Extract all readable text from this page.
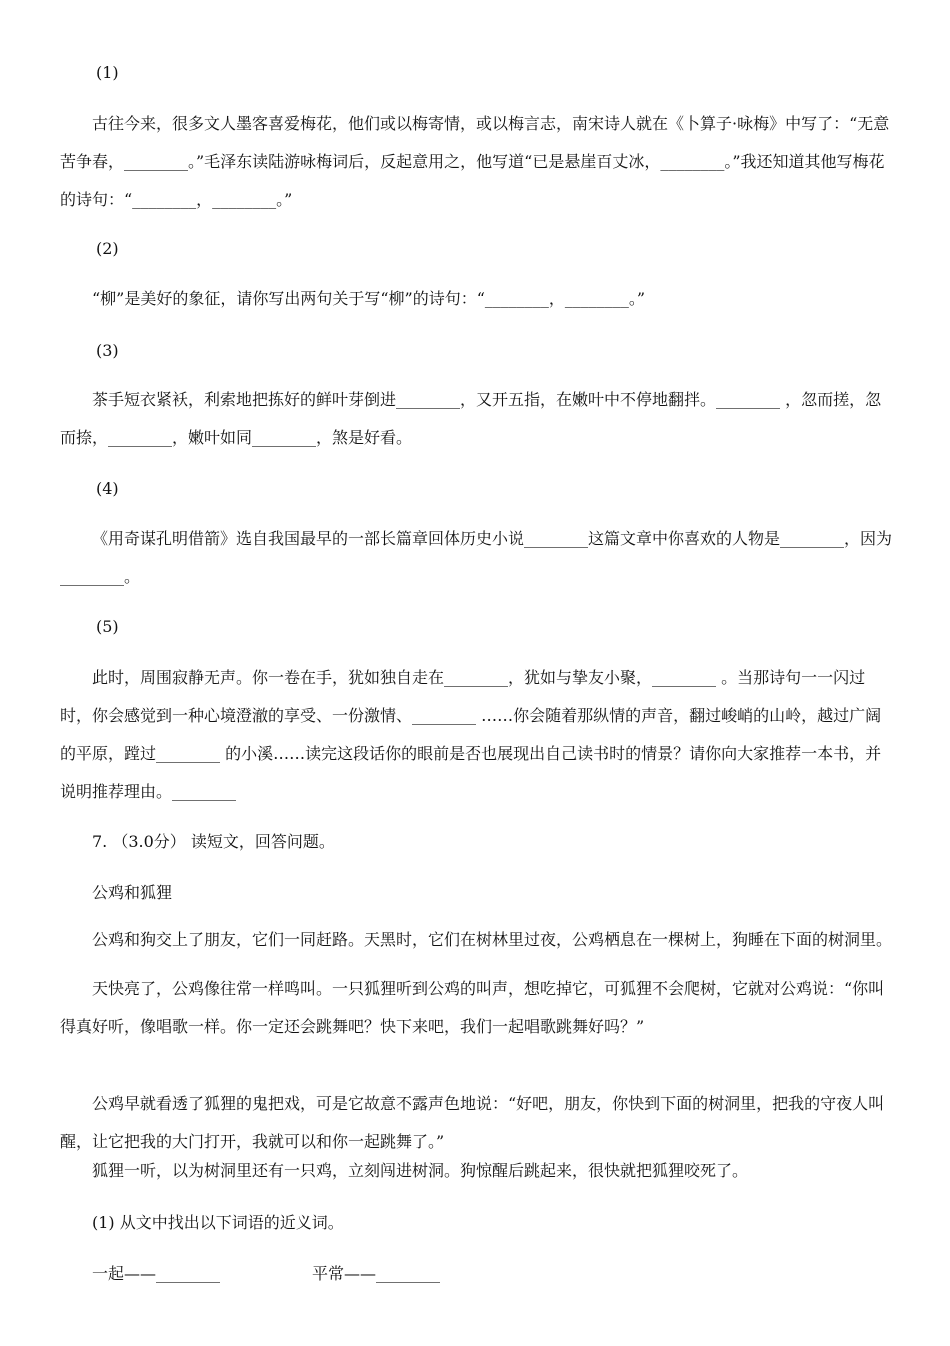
(1)
古往今来，很多文人墨客喜爱梅花，他们或以梅寄情，或以梅言志，南宋诗人就在《卜算子·咏梅》中写了：“无意苦争春，________。”毛泽东读陆游咏梅词后，反起意用之，他写道“已是悬崖百丈冰，________。”我还知道其他写梅花的诗句：“________，________。”
(2)
“柳”是美好的象征，请你写出两句关于写“柳”的诗句：“________，________。”
(3)
茶手短衣紧袄，利索地把拣好的鲜叶芽倒进________，又开五指，在嫩叶中不停地翻拌。________ ，忽而搓，忽而捺，________，嫩叶如同________，煞是好看。
(4)
《用奇谋孔明借箭》选自我国最早的一部长篇章回体历史小说________这篇文章中你喜欢的人物是________，因为________。
(5)
此时，周围寂静无声。你一卷在手，犹如独自走在________，犹如与挚友小聚，________ 。当那诗句一一闪过时，你会感觉到一种心境澄澈的享受、一份激情、________ ……你会随着那纵情的声音，翻过峻峭的山岭，越过广阔的平原，蹚过________ 的小溪……读完这段话你的眼前是否也展现出自己读书时的情景？请你向大家推荐一本书，并说明推荐理由。________
7. （3.0分） 读短文，回答问题。
公鸡和狐狸
公鸡和狗交上了朋友，它们一同赶路。天黑时，它们在树林里过夜，公鸡栖息在一棵树上，狗睡在下面的树洞里。
天快亮了，公鸡像往常一样鸣叫。一只狐狸听到公鸡的叫声，想吃掉它，可狐狸不会爬树，它就对公鸡说：“你叫得真好听，像唱歌一样。你一定还会跳舞吧？快下来吧，我们一起唱歌跳舞好吗？”
公鸡早就看透了狐狸的鬼把戏，可是它故意不露声色地说：“好吧，朋友，你快到下面的树洞里，把我的守夜人叫醒，让它把我的大门打开，我就可以和你一起跳舞了。”
狐狸一听，以为树洞里还有一只鸡，立刻闯进树洞。狗惊醒后跳起来，很快就把狐狸咬死了。
(1) 从文中找出以下词语的近义词。
一起——________	平常——________
